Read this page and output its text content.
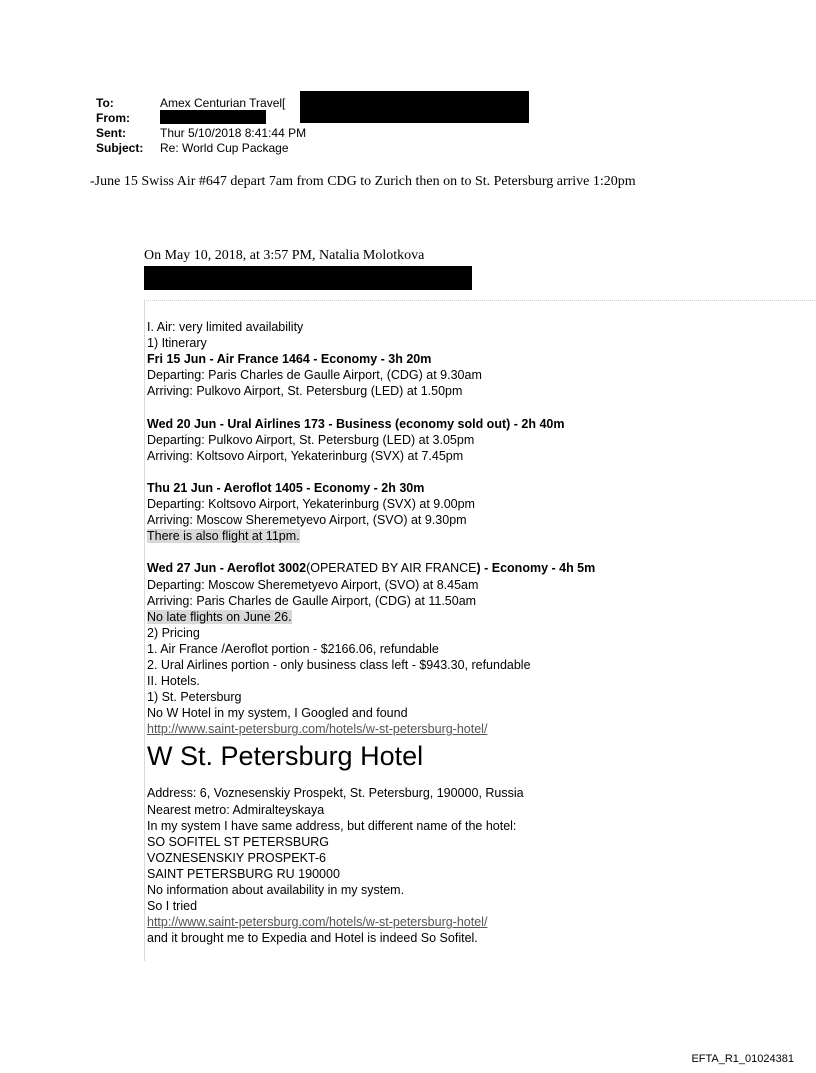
To:	Amex Centurian Travel[
From:
Sent:	Thur 5/10/2018 8:41:44 PM
Subject: Re: World Cup Package
-June 15 Swiss Air #647 depart 7am from CDG to Zurich then on to St. Petersburg arrive 1:20pm
On May 10, 2018, at 3:57 PM, Natalia Molotkova
I. Air: very limited availability
1) Itinerary
Fri 15 Jun - Air France 1464 - Economy - 3h 20m
Departing: Paris Charles de Gaulle Airport, (CDG) at 9.30am
Arriving: Pulkovo Airport, St. Petersburg (LED) at 1.50pm
Wed 20 Jun - Ural Airlines 173 - Business (economy sold out) - 2h 40m
Departing: Pulkovo Airport, St. Petersburg (LED) at 3.05pm
Arriving: Koltsovo Airport, Yekaterinburg (SVX) at 7.45pm
Thu 21 Jun - Aeroflot 1405 - Economy - 2h 30m
Departing: Koltsovo Airport, Yekaterinburg (SVX) at 9.00pm
Arriving: Moscow Sheremetyevo Airport, (SVO) at 9.30pm
There is also flight at 11pm.
Wed 27 Jun - Aeroflot 3002(OPERATED BY AIR FRANCE) - Economy - 4h 5m
Departing: Moscow Sheremetyevo Airport, (SVO) at 8.45am
Arriving: Paris Charles de Gaulle Airport, (CDG) at 11.50am
No late flights on June 26.
2) Pricing
1. Air France /Aeroflot portion - $2166.06, refundable
2. Ural Airlines portion - only business class left - $943.30, refundable
II. Hotels.
1) St. Petersburg
No W Hotel in my system, I Googled and found
http://www.saint-petersburg.com/hotels/w-st-petersburg-hotel/
W St. Petersburg Hotel
Address: 6, Voznesenskiy Prospekt, St. Petersburg, 190000, Russia
Nearest metro: Admiralteyskaya
In my system I have same address, but different name of the hotel:
SO SOFITEL ST PETERSBURG
VOZNESENSKIY PROSPEKT-6
SAINT PETERSBURG RU 190000
No information about availability in my system.
So I tried
http://www.saint-petersburg.com/hotels/w-st-petersburg-hotel/
and it brought me to Expedia and Hotel is indeed So Sofitel.
EFTA_R1_01024381
